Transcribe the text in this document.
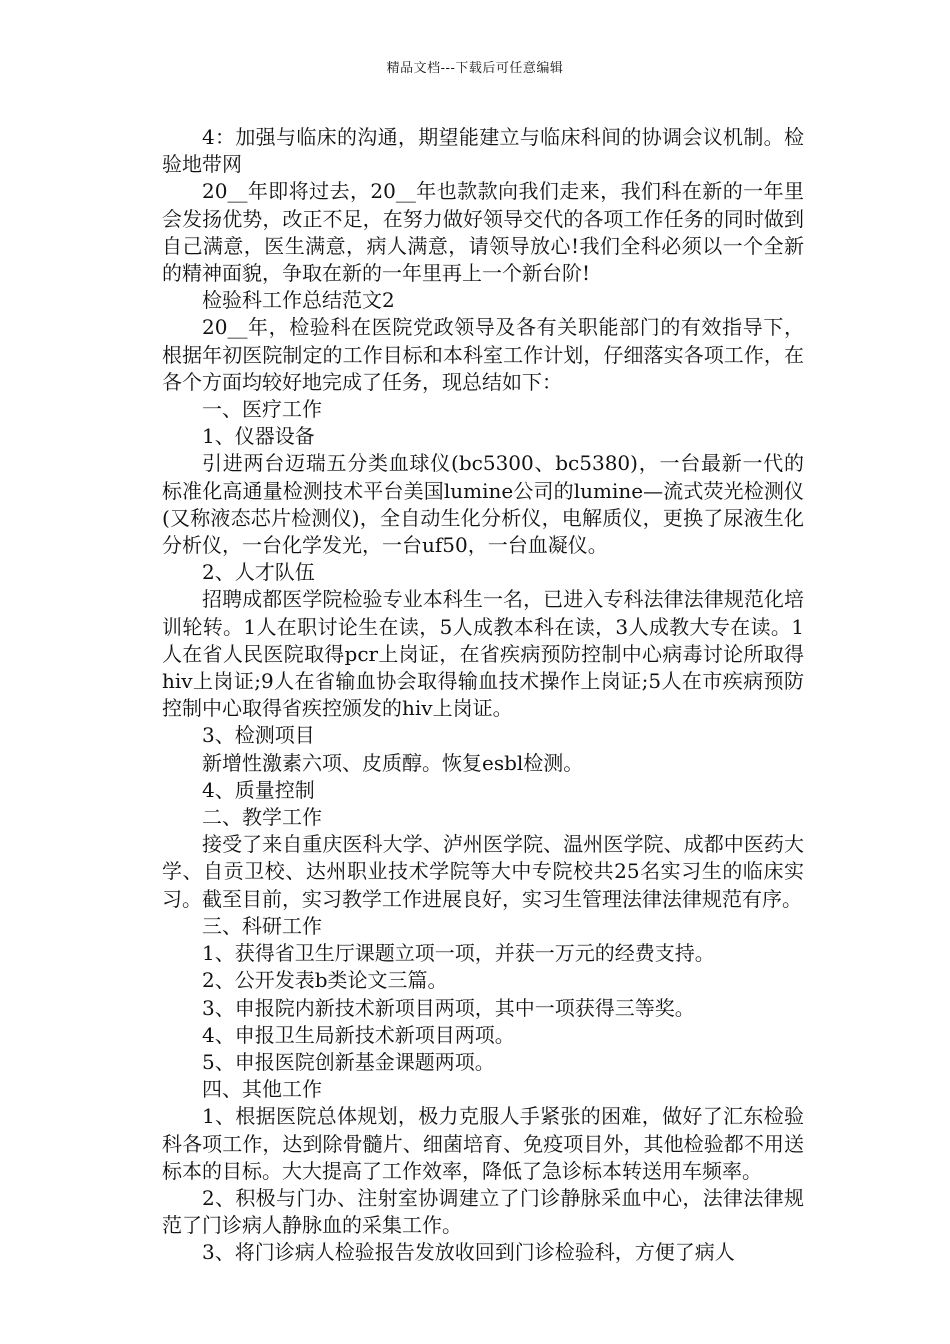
精品文档---下载后可任意编辑

4：加强与临床的沟通，期望能建立与临床科间的协调会议机制。检验地带网

20__年即将过去，20__年也款款向我们走来，我们科在新的一年里会发扬优势，改正不足，在努力做好领导交代的各项工作任务的同时做到自己满意，医生满意，病人满意，请领导放心!我们全科必须以一个全新的精神面貌，争取在新的一年里再上一个新台阶!

检验科工作总结范文2

20__年，检验科在医院党政领导及各有关职能部门的有效指导下，根据年初医院制定的工作目标和本科室工作计划，仔细落实各项工作，在各个方面均较好地完成了任务，现总结如下：

一、医疗工作

1、仪器设备

引进两台迈瑞五分类血球仪(bc5300、bc5380)，一台最新一代的标准化高通量检测技术平台美国lumine公司的lumine—流式荧光检测仪(又称液态芯片检测仪)，全自动生化分析仪，电解质仪，更换了尿液生化分析仪，一台化学发光，一台uf50，一台血凝仪。

2、人才队伍

招聘成都医学院检验专业本科生一名，已进入专科法律法律规范化培训轮转。1人在职讨论生在读，5人成教本科在读，3人成教大专在读。1人在省人民医院取得pcr上岗证，在省疾病预防控制中心病毒讨论所取得hiv上岗证;9人在省输血协会取得输血技术操作上岗证;5人在市疾病预防控制中心取得省疾控颁发的hiv上岗证。

3、检测项目

新增性激素六项、皮质醇。恢复esbl检测。

4、质量控制

二、教学工作

接受了来自重庆医科大学、泸州医学院、温州医学院、成都中医药大学、自贡卫校、达州职业技术学院等大中专院校共25名实习生的临床实习。截至目前，实习教学工作进展良好，实习生管理法律法律规范有序。

三、科研工作

1、获得省卫生厅课题立项一项，并获一万元的经费支持。

2、公开发表b类论文三篇。

3、申报院内新技术新项目两项，其中一项获得三等奖。

4、申报卫生局新技术新项目两项。

5、申报医院创新基金课题两项。

四、其他工作

1、根据医院总体规划，极力克服人手紧张的困难，做好了汇东检验科各项工作，达到除骨髓片、细菌培育、免疫项目外，其他检验都不用送标本的目标。大大提高了工作效率，降低了急诊标本转送用车频率。

2、积极与门办、注射室协调建立了门诊静脉采血中心，法律法律规范了门诊病人静脉血的采集工作。

3、将门诊病人检验报告发放收回到门诊检验科，方便了病人
